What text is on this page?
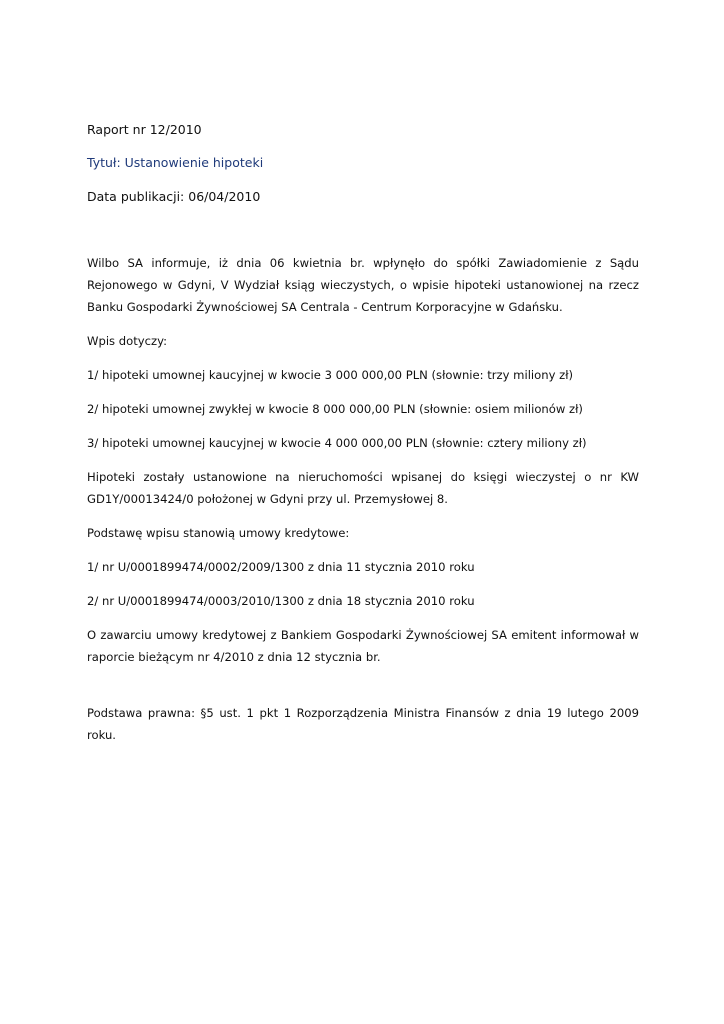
Raport nr 12/2010
Tytuł: Ustanowienie hipoteki
Data publikacji: 06/04/2010

Wilbo SA informuje, iż dnia 06 kwietnia br. wpłynęło do spółki Zawiadomienie z Sądu Rejonowego w Gdyni, V Wydział ksiąg wieczystych, o wpisie hipoteki ustanowionej na rzecz Banku Gospodarki Żywnościowej SA Centrala - Centrum Korporacyjne w Gdańsku.

Wpis dotyczy:

1/ hipoteki umownej kaucyjnej w kwocie 3 000 000,00 PLN (słownie: trzy miliony zł)

2/ hipoteki umownej zwykłej w kwocie 8 000 000,00 PLN (słownie: osiem milionów zł)

3/ hipoteki umownej kaucyjnej w kwocie 4 000 000,00 PLN (słownie: cztery miliony zł)

Hipoteki zostały ustanowione na nieruchomości wpisanej do księgi wieczystej o nr KW GD1Y/00013424/0 położonej w Gdyni przy ul. Przemysłowej 8.

Podstawę wpisu stanowią umowy kredytowe:

1/ nr U/0001899474/0002/2009/1300 z dnia 11 stycznia 2010 roku

2/ nr U/0001899474/0003/2010/1300 z dnia 18 stycznia 2010 roku

O zawarciu umowy kredytowej z Bankiem Gospodarki Żywnościowej SA emitent informował w raporcie bieżącym nr 4/2010 z dnia 12 stycznia br.

Podstawa prawna: §5 ust. 1 pkt 1 Rozporządzenia Ministra Finansów z dnia 19 lutego 2009 roku.
